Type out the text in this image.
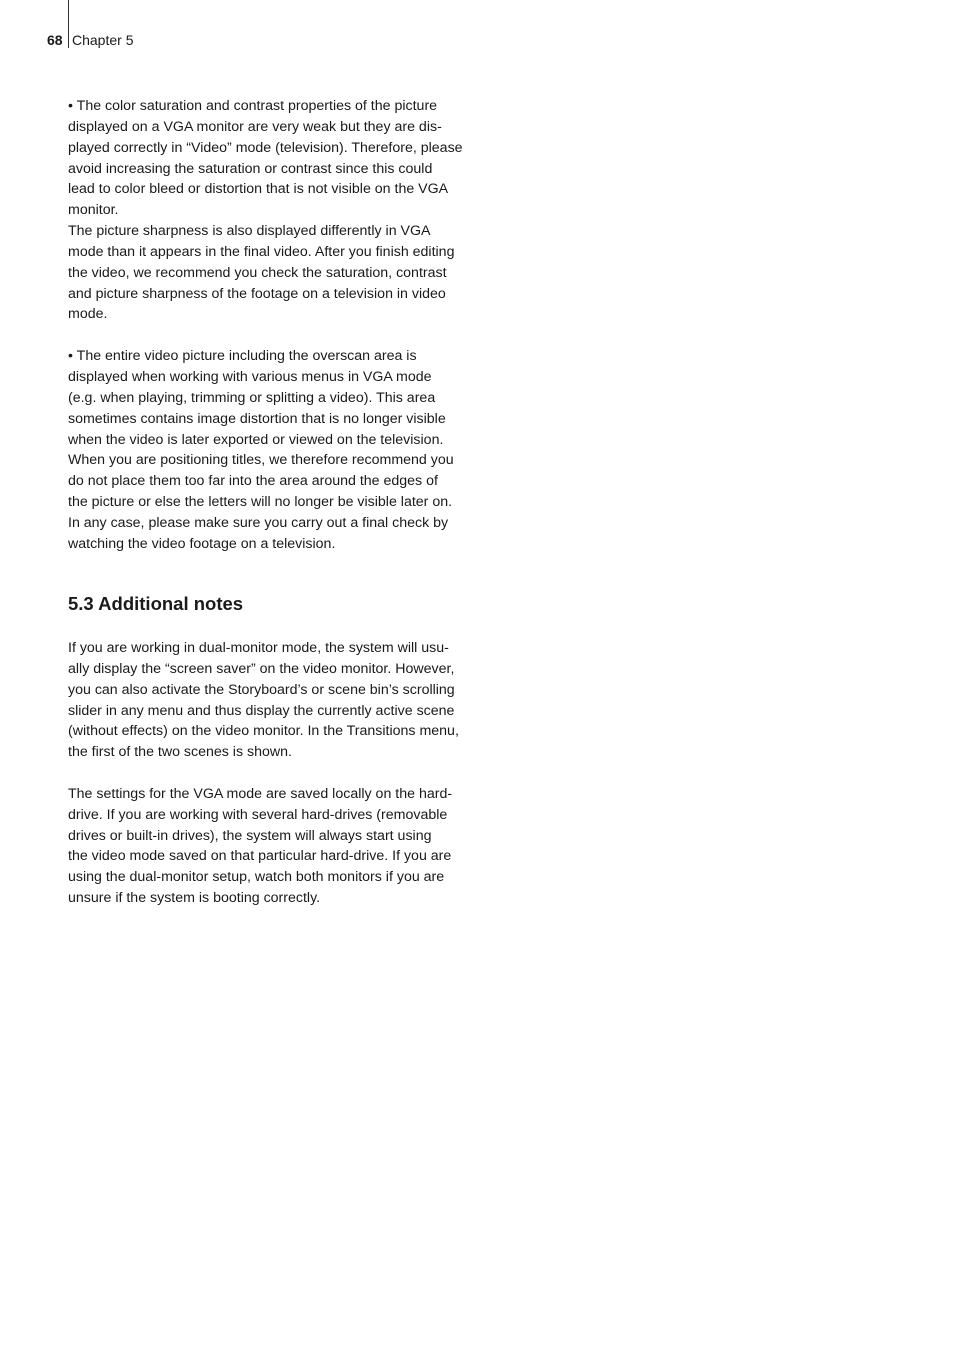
68 Chapter 5

• The color saturation and contrast properties of the picture
displayed on a VGA monitor are very weak but they are dis-
played correctly in “Video” mode (television). Therefore, please
avoid increasing the saturation or contrast since this could
lead to color bleed or distortion that is not visible on the VGA
monitor.

The picture sharpness is also displayed differently in VGA
mode than it appears in the final video. After you finish editing
the video, we recommend you check the saturation, contrast
and picture sharpness of the footage on a television in video
mode.

• The entire video picture including the overscan area is
displayed when working with various menus in VGA mode
(e.g. when playing, trimming or splitting a video). This area
sometimes contains image distortion that is no longer visible
when the video is later exported or viewed on the television.
When you are positioning titles, we therefore recommend you
do not place them too far into the area around the edges of
the picture or else the letters will no longer be visible later on.
In any case, please make sure you carry out a final check by
watching the video footage on a television.

5.3 Additional notes

If you are working in dual-monitor mode, the system will usu-
ally display the “screen saver” on the video monitor. However,
you can also activate the Storyboard’s or scene bin’s scrolling
slider in any menu and thus display the currently active scene
(without effects) on the video monitor. In the Transitions menu,
the first of the two scenes is shown.

The settings for the VGA mode are saved locally on the hard-
drive. If you are working with several hard-drives (removable
drives or built-in drives), the system will always start using
the video mode saved on that particular hard-drive. If you are
using the dual-monitor setup, watch both monitors if you are
unsure if the system is booting correctly.
